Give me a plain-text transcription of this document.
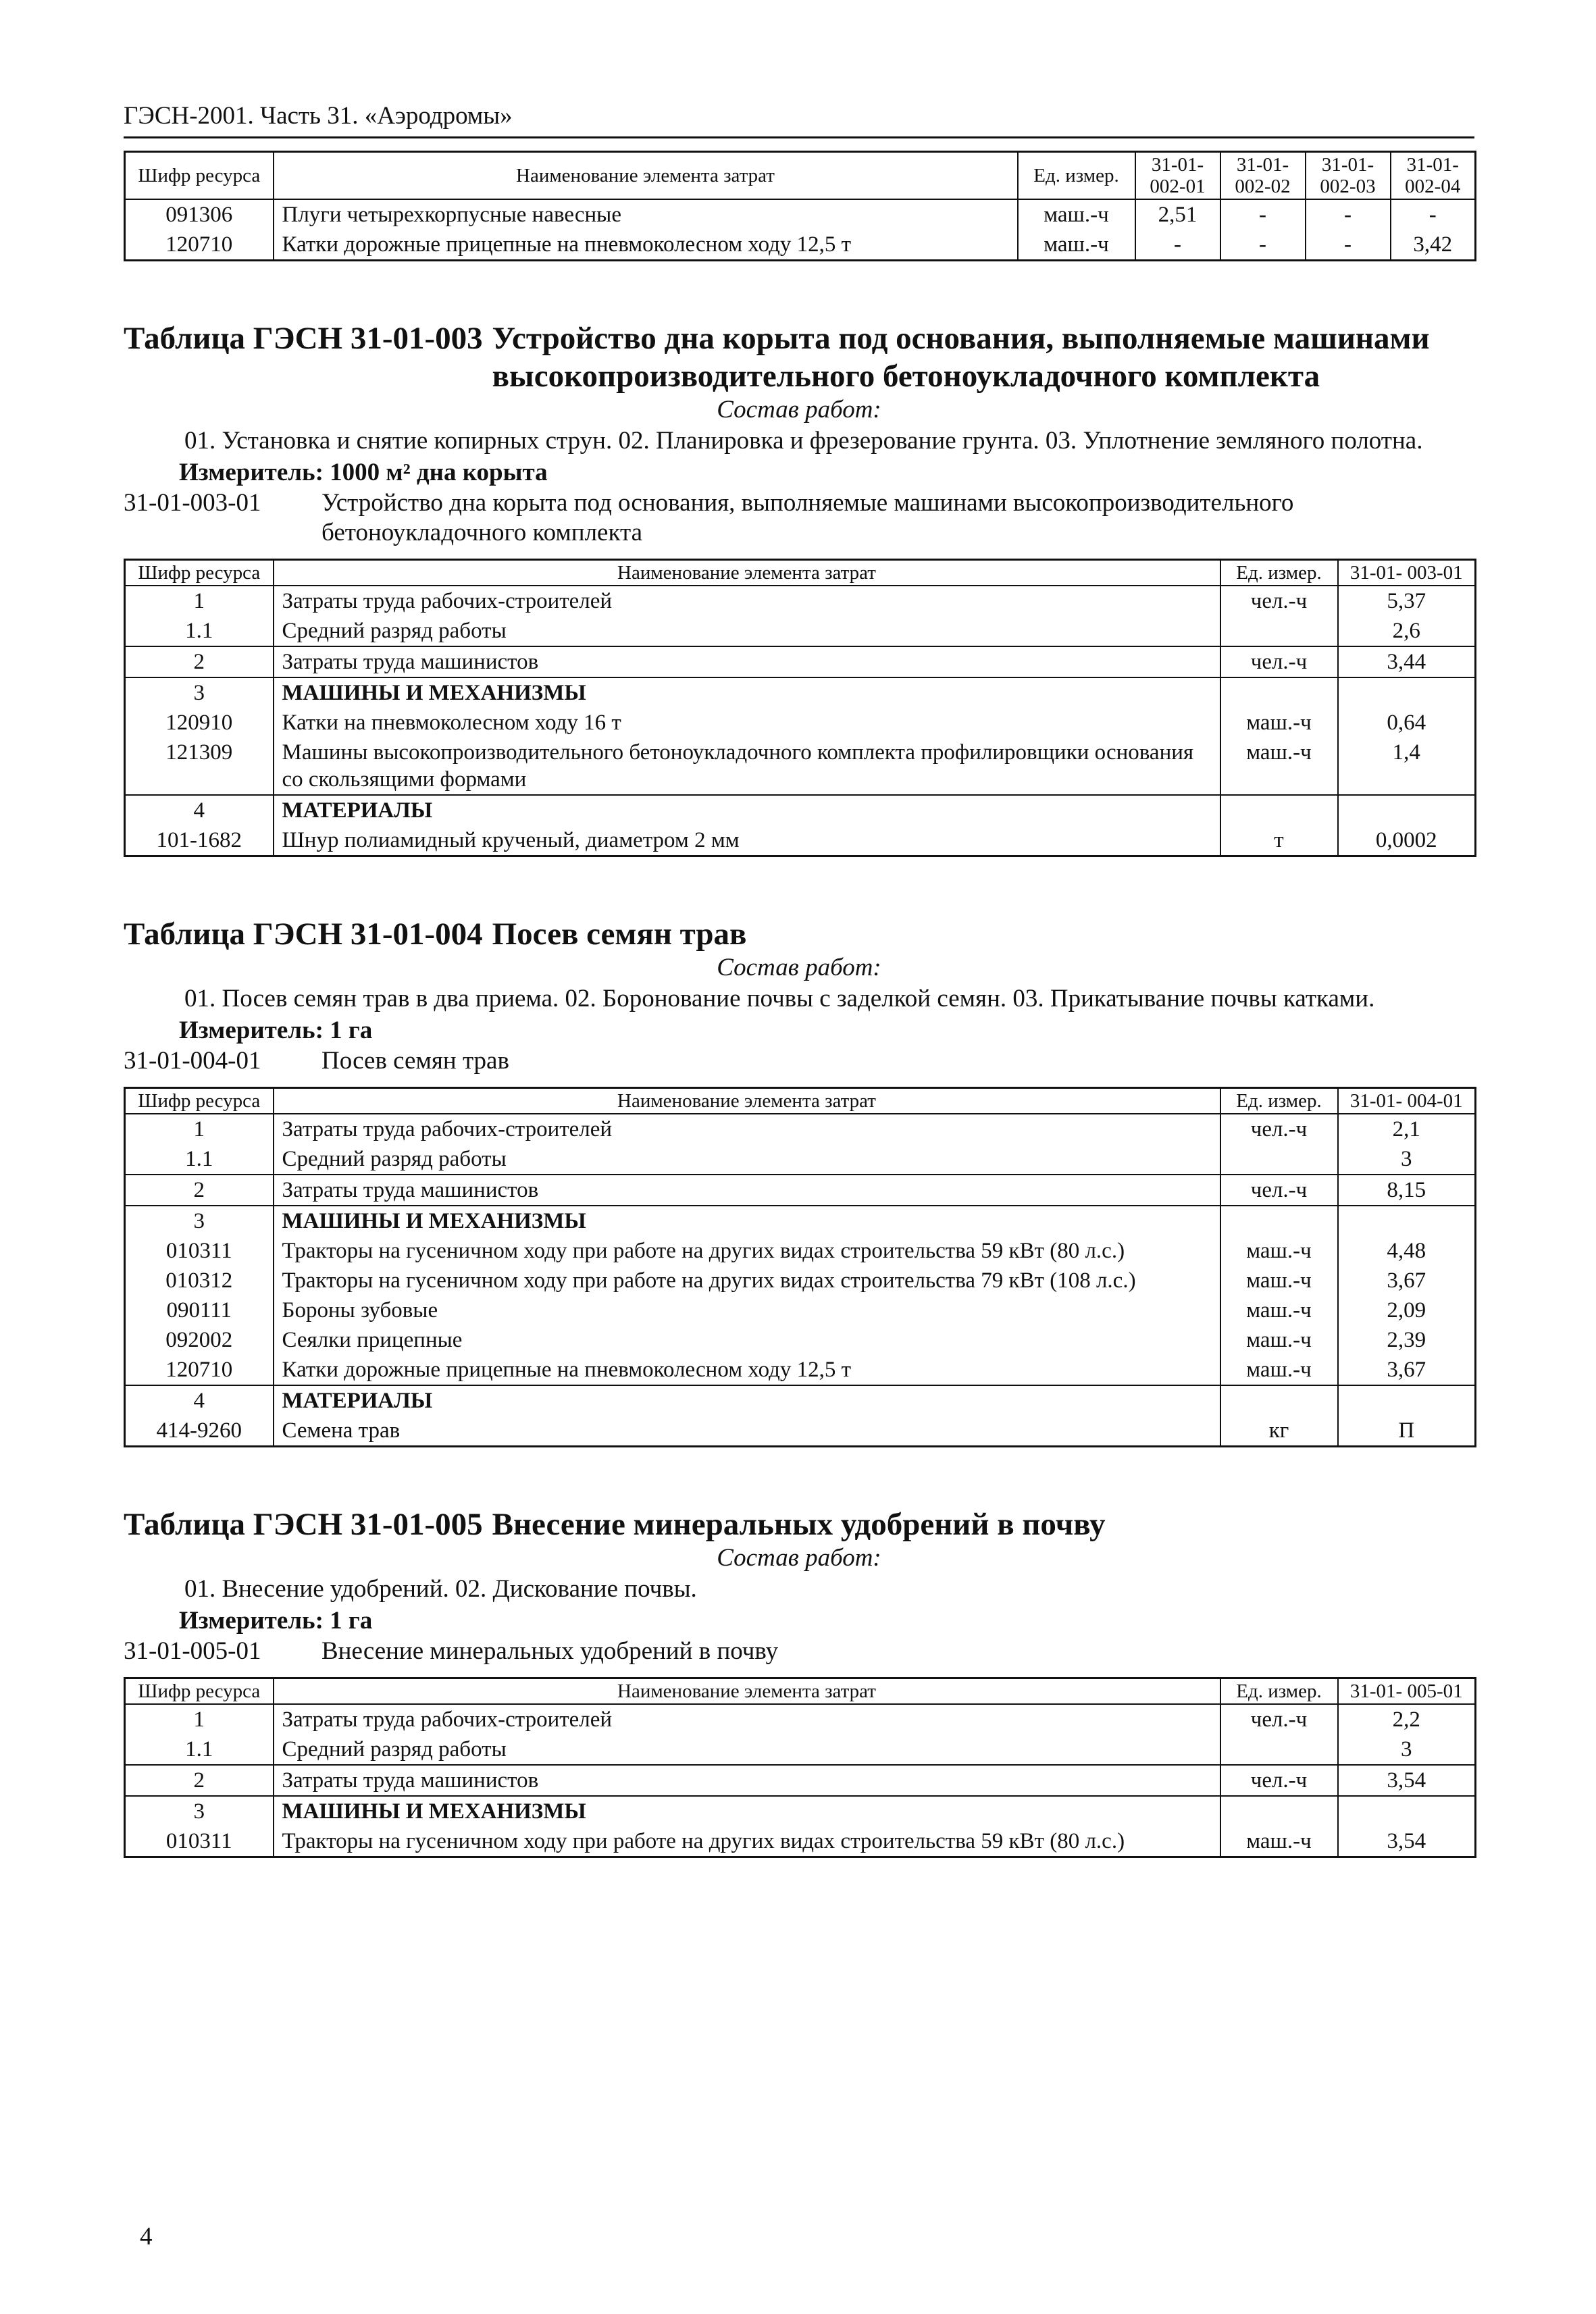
ГЭСН-2001. Часть 31. «Аэродромы»
Шифр ресурса	Наименование элемента затрат	Ед. измер.	31-01- 002-01	31-01- 002-02	31-01- 002-03	31-01- 002-04
091306	Плуги четырехкорпусные навесные	маш.-ч	2,51	-	-	-
120710	Катки дорожные прицепные на пневмоколесном ходу 12,5 т	маш.-ч	-	-	-	3,42
Таблица ГЭСН 31-01-003 Устройство дна корыта под основания, выполняемые машинами высокопроизводительного бетоноукладочного комплекта
Состав работ:
01. Установка и снятие копирных струн. 02. Планировка и фрезерование грунта. 03. Уплотнение земляного полотна.
Измеритель: 1000 м² дна корыта
31-01-003-01	Устройство дна корыта под основания, выполняемые машинами высокопроизводительного бетоноукладочного комплекта
Шифр ресурса	Наименование элемента затрат	Ед. измер.	31-01- 003-01
1	Затраты труда рабочих-строителей	чел.-ч	5,37
1.1	Средний разряд работы		2,6
2	Затраты труда машинистов	чел.-ч	3,44
3	МАШИНЫ И МЕХАНИЗМЫ		
120910	Катки на пневмоколесном ходу 16 т	маш.-ч	0,64
121309	Машины высокопроизводительного бетоноукладочного комплекта профилировщики основания со скользящими формами	маш.-ч	1,4
4	МАТЕРИАЛЫ		
101-1682	Шнур полиамидный крученый, диаметром 2 мм	т	0,0002
Таблица ГЭСН 31-01-004 Посев семян трав
Состав работ:
01. Посев семян трав в два приема. 02. Боронование почвы с заделкой семян. 03. Прикатывание почвы катками.
Измеритель: 1 га
31-01-004-01	Посев семян трав
Шифр ресурса	Наименование элемента затрат	Ед. измер.	31-01- 004-01
1	Затраты труда рабочих-строителей	чел.-ч	2,1
1.1	Средний разряд работы		3
2	Затраты труда машинистов	чел.-ч	8,15
3	МАШИНЫ И МЕХАНИЗМЫ		
010311	Тракторы на гусеничном ходу при работе на других видах строительства 59 кВт (80 л.с.)	маш.-ч	4,48
010312	Тракторы на гусеничном ходу при работе на других видах строительства 79 кВт (108 л.с.)	маш.-ч	3,67
090111	Бороны зубовые	маш.-ч	2,09
092002	Сеялки прицепные	маш.-ч	2,39
120710	Катки дорожные прицепные на пневмоколесном ходу 12,5 т	маш.-ч	3,67
4	МАТЕРИАЛЫ		
414-9260	Семена трав	кг	П
Таблица ГЭСН 31-01-005 Внесение минеральных удобрений в почву
Состав работ:
01. Внесение удобрений. 02. Дискование почвы.
Измеритель: 1 га
31-01-005-01	Внесение минеральных удобрений в почву
Шифр ресурса	Наименование элемента затрат	Ед. измер.	31-01- 005-01
1	Затраты труда рабочих-строителей	чел.-ч	2,2
1.1	Средний разряд работы		3
2	Затраты труда машинистов	чел.-ч	3,54
3	МАШИНЫ И МЕХАНИЗМЫ		
010311	Тракторы на гусеничном ходу при работе на других видах строительства 59 кВт (80 л.с.)	маш.-ч	3,54
4
